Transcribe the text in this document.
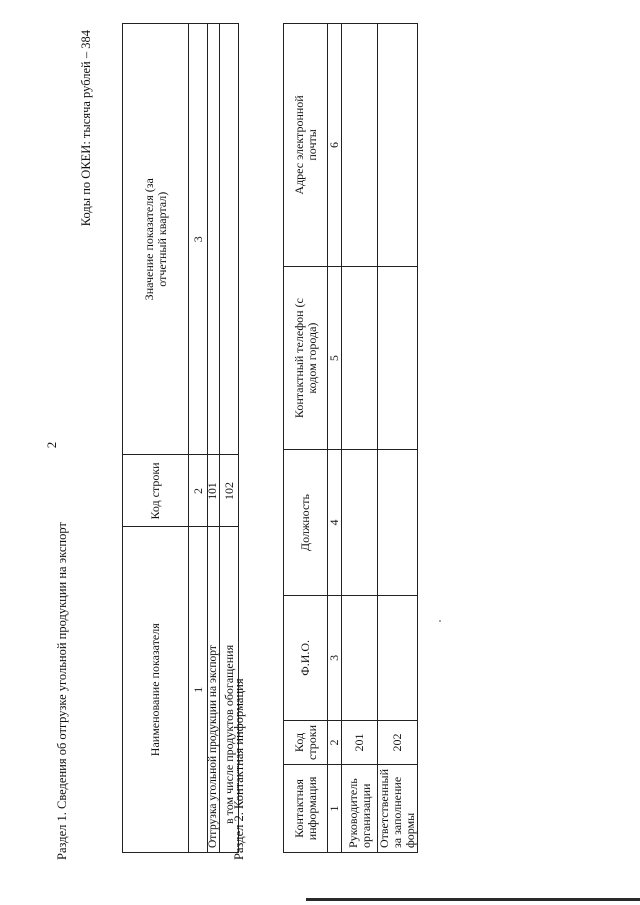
2
Раздел 1. Сведения об отгрузке угольной продукции на экспорт
Коды по ОКЕИ: тысяча рублей – 384
Наименование показателя	Код строки	Значение показателя (за отчетный квартал)
1	2	3
Отгрузка угольной продукции на экспорт	101	
в том числе продуктов обогащения	102	
Раздел 2. Контактная информация	Контактная информация	Код строки	Ф.И.О.	Должность	Контактный телефон (с кодом города)	Адрес электронной почты
1	2	3	4	5	6
Руководитель организации	201				
Ответственный за заполнение формы	202				
